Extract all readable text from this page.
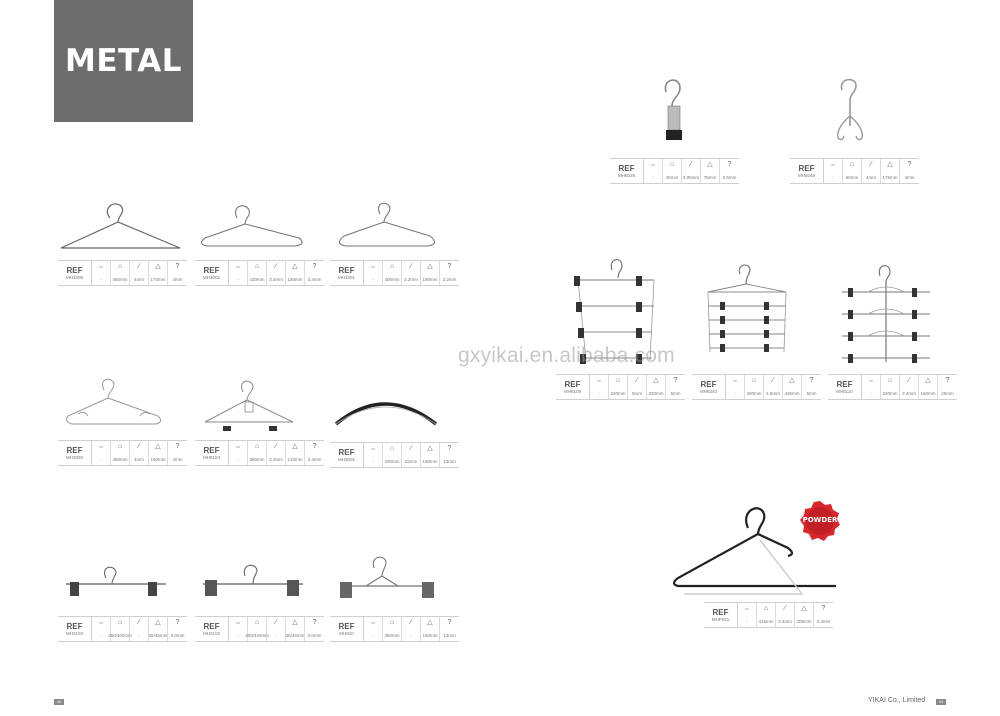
METAL
REF
MH3008
▭
-
⌂
450mm
∕
4mm
△
170mm
?
4mm
REF
MH3002
▭
-
⌂
420mm
∕
3.4mm
△
180mm
?
3.4mm
REF
MH3001
▭
-
⌂
400mm
∕
3.2mm
△
190mm
?
3.2mm
REF
MH3050
▭
-
⌂
450mm
∕
4mm
△
190mm
?
4mm
REF
MH8104
▭
-
⌂
380mm
∕
3.4mm
△
210mm
?
3.4mm
REF
MH3001
▭
-
⌂
430mm
∕
22mm
△
190mm
?
13mm
REF
MH3103
▭
-
⌂
360/400mm
∕
-
△
35/45mm
?
3.0mm
REF
MH3102
▭
-
⌂
300/340mm
∕
-
△
35/45mm
?
3.0mm
REF
MH810
▭
-
⌂
350mm
∕
-
△
150mm
?
13mm
REF
MH8026
▭
-
⌂
45mm
∕
3.85mm
△
75mm
?
3.5mm
REF
MH8046
▭
-
⌂
60mm
∕
4mm
△
175mm
?
4mm
REF
MH8109
▭
-
⌂
320mm
∕
5mm
△
320mm
?
5mm
REF
MH8340
▭
-
⌂
400mm
∕
4.5mm
△
425mm
?
5mm
REF
MH8110
▭
-
⌂
320mm
∕
3.4mm
△
160mm
?
25mm
REF
MHP021
▭
-
⌂
415mm
∕
3.4mm
△
205mm
?
3.4mm
POWDER
gxyikai.en.alibaba.com
40	YIKAI Co., Limited	41
